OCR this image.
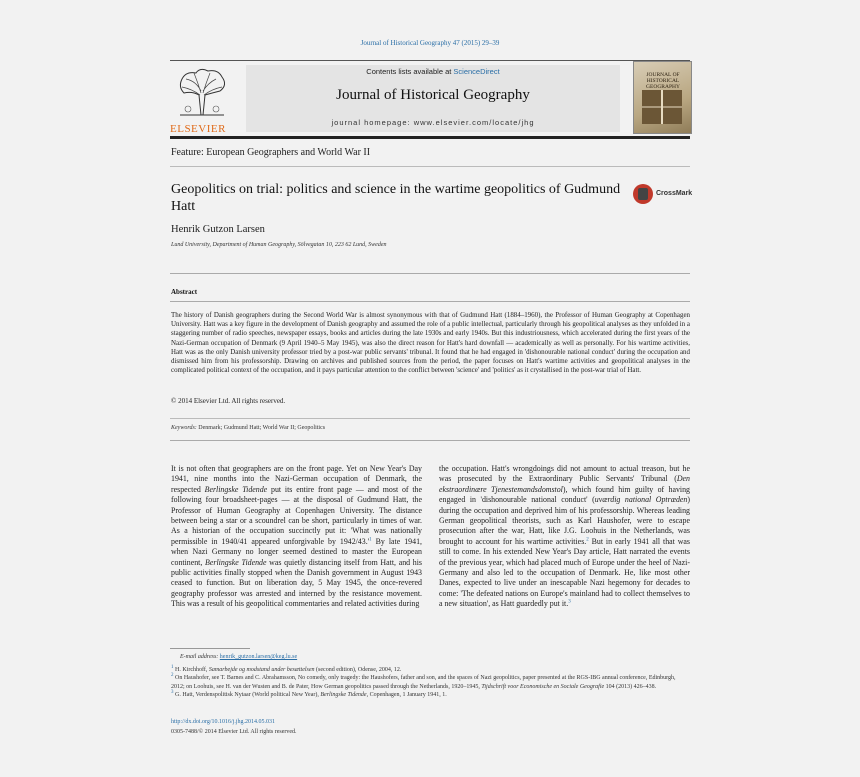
Journal of Historical Geography 47 (2015) 29–39
ELSEVIER
Contents lists available at ScienceDirect
Journal of Historical Geography
journal homepage: www.elsevier.com/locate/jhg
JOURNAL OF HISTORICAL GEOGRAPHY
Feature: European Geographers and World War II
Geopolitics on trial: politics and science in the wartime geopolitics of Gudmund Hatt
CrossMark
Henrik Gutzon Larsen
Lund University, Department of Human Geography, Sölvegatan 10, 223 62 Lund, Sweden
Abstract
The history of Danish geographers during the Second World War is almost synonymous with that of Gudmund Hatt (1884–1960), the Professor of Human Geography at Copenhagen University. Hatt was a key figure in the development of Danish geography and assumed the role of a public intellectual, particularly through his geopolitical analyses as they unfolded in a staggering number of radio speeches, newspaper essays, books and articles during the late 1930s and early 1940s. But this industriousness, which accelerated during the first years of the Nazi-German occupation of Denmark (9 April 1940–5 May 1945), was also the direct reason for Hatt's hard downfall — academically as well as personally. For his wartime activities, Hatt was as the only Danish university professor tried by a post-war public servants' tribunal. It found that he had engaged in 'dishonourable national conduct' during the occupation and dismissed him from his professorship. Drawing on archives and published sources from the period, the paper focuses on Hatt's wartime activities and geopolitical analyses in the complicated political context of the occupation, and it pays particular attention to the conflict between 'science' and 'politics' as it crystallised in the post-war trial of Hatt.
© 2014 Elsevier Ltd. All rights reserved.
Keywords: Denmark; Gudmund Hatt; World War II; Geopolitics
It is not often that geographers are on the front page. Yet on New Year's Day 1941, nine months into the Nazi-German occupation of Denmark, the respected Berlingske Tidende put its entire front page — and most of the following four broadsheet-pages — at the disposal of Gudmund Hatt, the Professor of Human Geography at Copenhagen University. The distance between being a star or a scoundrel can be short, particularly in times of war. As a historian of the occupation succinctly put it: 'What was nationally permissible in 1940/41 appeared unforgivable by $1942/43.'^1$ By late 1941, when Nazi Germany no longer seemed destined to master the European continent, Berlingske Tidende was quietly distancing itself from Hatt, and his public activities finally stopped when the Danish government in August 1943 ceased to function. But on liberation day, 5 May 1945, the once-revered geography professor was arrested and interned by the resistance movement. This was a result of his geopolitical commentaries and related activities during
the occupation. Hatt's wrongdoings did not amount to actual treason, but he was prosecuted by the Extraordinary Public Servants' Tribunal (Den ekstraordinære Tjenestemandsdomstol), which found him guilty of having engaged in 'dishonourable national conduct' (uværdig national Optræden) during the occupation and deprived him of his professorship. Whereas leading German geopolitical theorists, such as Karl Haushofer, were to escape prosecution after the war, Hatt, like J.G. Loohuis in the Netherlands, was brought to account for his wartime activities.$^2$ But in early 1941 all that was still to come. In his extended New Year's Day article, Hatt narrated the events of the previous year, which had placed much of Europe under the heel of Nazi-Germany and also led to the occupation of Denmark. He, like most other Danes, expected to live under an inescapable Nazi hegemony for decades to come: 'The defeated nations on Europe's mainland had to collect themselves to a new situation', as Hatt guardedly put it.$^3$
E-mail address: henrik_gutzon.larsen@keg.lu.se
$^1$ H. Kirchhoff, Samarbejde og modstand under besættelsen (second edition), Odense, 2004, 12.
$^2$ On Haushofer, see T. Barnes and C. Abrahamsson, No comedy, only tragedy: the Haushofers, father and son, and the spaces of Nazi geopolitics, paper presented at the RGS-IBG annual conference, Edinburgh, 2012; on Loohuis, see H. van der Wusten and B. de Pater, How German geopolitics passed through the Netherlands, 1920–1945, Tijdschrift voor Economische en Sociale Geografie 104 (2013) 426–438.
$^3$ G. Hatt, Verdenspolitisk Nytaar (World political New Year), Berlingske Tidende, Copenhagen, 1 January 1941, 1.
http://dx.doi.org/10.1016/j.jhg.2014.05.031
0305-7488/© 2014 Elsevier Ltd. All rights reserved.
